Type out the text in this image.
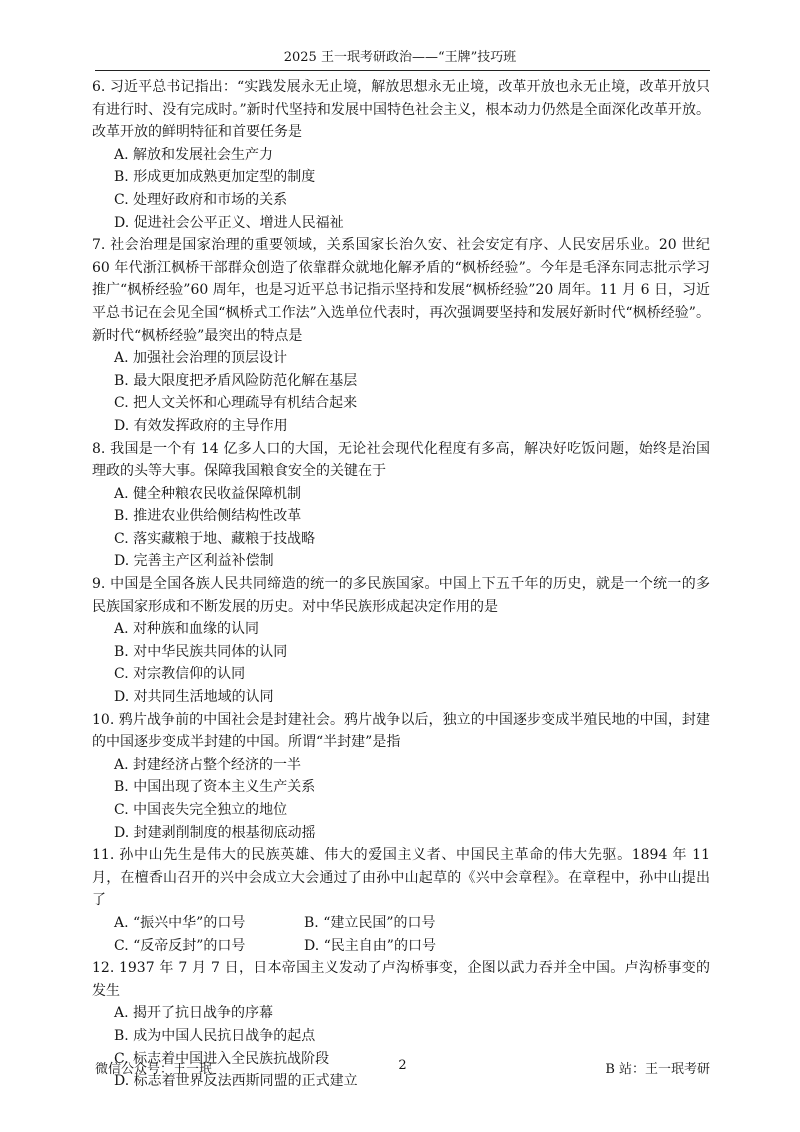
2025 王一珉考研政治——“王牌”技巧班

6. 习近平总书记指出：“实践发展永无止境，解放思想永无止境，改革开放也永无止境，改革开放只有进行时、没有完成时。”新时代坚持和发展中国特色社会主义，根本动力仍然是全面深化改革开放。改革开放的鲜明特征和首要任务是

A. 解放和发展社会生产力

B. 形成更加成熟更加定型的制度

C. 处理好政府和市场的关系

D. 促进社会公平正义、增进人民福祉

7. 社会治理是国家治理的重要领域，关系国家长治久安、社会安定有序、人民安居乐业。20 世纪 60 年代浙江枫桥干部群众创造了依靠群众就地化解矛盾的“枫桥经验”。今年是毛泽东同志批示学习推广“枫桥经验”60 周年，也是习近平总书记指示坚持和发展“枫桥经验”20 周年。11 月 6 日，习近平总书记在会见全国“枫桥式工作法”入选单位代表时，再次强调要坚持和发展好新时代“枫桥经验”。新时代“枫桥经验”最突出的特点是

A. 加强社会治理的顶层设计

B. 最大限度把矛盾风险防范化解在基层

C. 把人文关怀和心理疏导有机结合起来

D. 有效发挥政府的主导作用

8. 我国是一个有 14 亿多人口的大国，无论社会现代化程度有多高，解决好吃饭问题，始终是治国理政的头等大事。保障我国粮食安全的关键在于

A. 健全种粮农民收益保障机制

B. 推进农业供给侧结构性改革

C. 落实藏粮于地、藏粮于技战略

D. 完善主产区利益补偿制

9. 中国是全国各族人民共同缔造的统一的多民族国家。中国上下五千年的历史，就是一个统一的多民族国家形成和不断发展的历史。对中华民族形成起决定作用的是

A. 对种族和血缘的认同

B. 对中华民族共同体的认同

C. 对宗教信仰的认同

D. 对共同生活地域的认同

10. 鸦片战争前的中国社会是封建社会。鸦片战争以后，独立的中国逐步变成半殖民地的中国，封建的中国逐步变成半封建的中国。所谓“半封建”是指

A. 封建经济占整个经济的一半

B. 中国出现了资本主义生产关系

C. 中国丧失完全独立的地位

D. 封建剥削制度的根基彻底动摇

11. 孙中山先生是伟大的民族英雄、伟大的爱国主义者、中国民主革命的伟大先驱。1894 年 11 月，在檀香山召开的兴中会成立大会通过了由孙中山起草的《兴中会章程》。在章程中，孙中山提出了

A. “振兴中华”的口号	B. “建立民国”的口号
C. “反帝反封”的口号	D. “民主自由”的口号

12. 1937 年 7 月 7 日，日本帝国主义发动了卢沟桥事变，企图以武力吞并全中国。卢沟桥事变的发生

A. 揭开了抗日战争的序幕

B. 成为中国人民抗日战争的起点

C. 标志着中国进入全民族抗战阶段

D. 标志着世界反法西斯同盟的正式建立

微信公众号：王一珉	2	B 站：王一珉考研
